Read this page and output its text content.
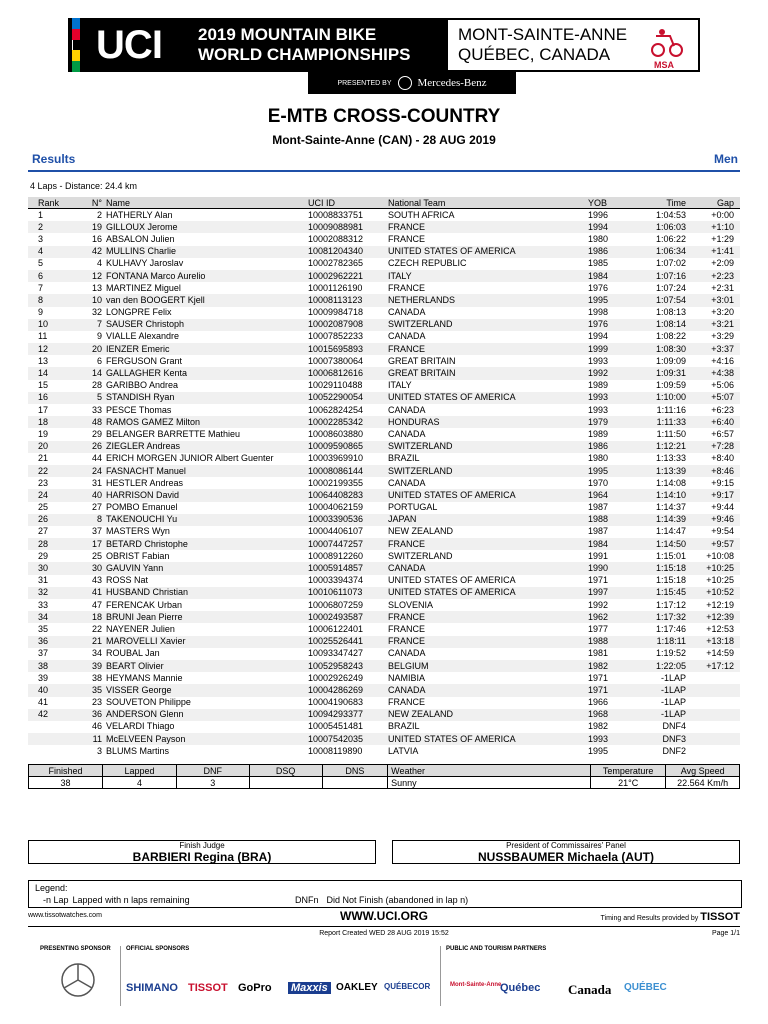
UCI 2019 MOUNTAIN BIKE
WORLD CHAMPIONSHIPS
MONT-SAINTE-ANNE
QUÉBEC, CANADA
MSA
PRESENTED BY Mercedes-Benz
E-MTB CROSS-COUNTRY
Mont-Sainte-Anne (CAN) - 28 AUG 2019
Results	Men
4 Laps - Distance: 24.4 km
Rank	N°	Name	UCI ID	National Team	YOB	Time	Gap
1	2	HATHERLY Alan	10008833751	SOUTH AFRICA	1996	1:04:53	+0:00
2	19	GILLOUX Jerome	10009088981	FRANCE	1994	1:06:03	+1:10
3	16	ABSALON Julien	10002088312	FRANCE	1980	1:06:22	+1:29
4	42	MULLINS Charlie	10081204340	UNITED STATES OF AMERICA	1986	1:06:34	+1:41
5	4	KULHAVY Jaroslav	10002782365	CZECH REPUBLIC	1985	1:07:02	+2:09
6	12	FONTANA Marco Aurelio	10002962221	ITALY	1984	1:07:16	+2:23
7	13	MARTINEZ Miguel	10001126190	FRANCE	1976	1:07:24	+2:31
8	10	van den BOOGERT Kjell	10008113123	NETHERLANDS	1995	1:07:54	+3:01
9	32	LONGPRE Felix	10009984718	CANADA	1998	1:08:13	+3:20
10	7	SAUSER Christoph	10002087908	SWITZERLAND	1976	1:08:14	+3:21
11	9	VIALLE Alexandre	10007852233	CANADA	1994	1:08:22	+3:29
12	20	IENZER Emeric	10015695893	FRANCE	1999	1:08:30	+3:37
13	6	FERGUSON Grant	10007380064	GREAT BRITAIN	1993	1:09:09	+4:16
14	14	GALLAGHER Kenta	10006812616	GREAT BRITAIN	1992	1:09:31	+4:38
15	28	GARIBBO Andrea	10029110488	ITALY	1989	1:09:59	+5:06
16	5	STANDISH Ryan	10052290054	UNITED STATES OF AMERICA	1993	1:10:00	+5:07
17	33	PESCE Thomas	10062824254	CANADA	1993	1:11:16	+6:23
18	48	RAMOS GAMEZ Milton	10002285342	HONDURAS	1979	1:11:33	+6:40
19	29	BELANGER BARRETTE Mathieu	10008603880	CANADA	1989	1:11:50	+6:57
20	26	ZIEGLER Andreas	10009590865	SWITZERLAND	1986	1:12:21	+7:28
21	44	ERICH MORGEN JUNIOR Albert Guenter	10003969910	BRAZIL	1980	1:13:33	+8:40
22	24	FASNACHT Manuel	10008086144	SWITZERLAND	1995	1:13:39	+8:46
23	31	HESTLER Andreas	10002199355	CANADA	1970	1:14:08	+9:15
24	40	HARRISON David	10064408283	UNITED STATES OF AMERICA	1964	1:14:10	+9:17
25	27	POMBO Emanuel	10004062159	PORTUGAL	1987	1:14:37	+9:44
26	8	TAKENOUCHI Yu	10003390536	JAPAN	1988	1:14:39	+9:46
27	37	MASTERS Wyn	10004406107	NEW ZEALAND	1987	1:14:47	+9:54
28	17	BETARD Christophe	10007447257	FRANCE	1984	1:14:50	+9:57
29	25	OBRIST Fabian	10008912260	SWITZERLAND	1991	1:15:01	+10:08
30	30	GAUVIN Yann	10005914857	CANADA	1990	1:15:18	+10:25
31	43	ROSS Nat	10003394374	UNITED STATES OF AMERICA	1971	1:15:18	+10:25
32	41	HUSBAND Christian	10010611073	UNITED STATES OF AMERICA	1997	1:15:45	+10:52
33	47	FERENCAK Urban	10006807259	SLOVENIA	1992	1:17:12	+12:19
34	18	BRUNI Jean Pierre	10002493587	FRANCE	1962	1:17:32	+12:39
35	22	NAYENER Julien	10006122401	FRANCE	1977	1:17:46	+12:53
36	21	MAROVELLI Xavier	10025526441	FRANCE	1988	1:18:11	+13:18
37	34	ROUBAL Jan	10093347427	CANADA	1981	1:19:52	+14:59
38	39	BEART Olivier	10052958243	BELGIUM	1982	1:22:05	+17:12
39	38	HEYMANS Mannie	10002926249	NAMIBIA	1971	-1LAP	
40	35	VISSER George	10004286269	CANADA	1971	-1LAP	
41	23	SOUVETON Philippe	10004190683	FRANCE	1966	-1LAP	
42	36	ANDERSON Glenn	10094293377	NEW ZEALAND	1968	-1LAP	
	46	VELARDI Thiago	10005451481	BRAZIL	1982	DNF4	
	11	McELVEEN Payson	10007542035	UNITED STATES OF AMERICA	1993	DNF3	
	3	BLUMS Martins	10008119890	LATVIA	1995	DNF2	
Finished	Lapped	DNF	DSQ	DNS	Weather	Temperature	Avg Speed
38	4	3			Sunny	21°C	22.564 Km/h
Finish Judge
BARBIERI Regina (BRA)
President of Commissaires' Panel
NUSSBAUMER Michaela (AUT)
Legend:
-n Lap Lapped with n laps remaining	DNFn Did Not Finish (abandoned in lap n)
www.tissotwatches.com	WWW.UCI.ORG	Timing and Results provided by TISSOT
Report Created WED 28 AUG 2019 15:52	Page 1/1
PRESENTING SPONSOR	OFFICIAL SPONSORS	PUBLIC AND TOURISM PARTNERS
SHIMANO TISSOT GoPro Maxxis OAKLEY QUÉBECOR	Mont-Sainte-Anne
Québec Canada QUÉBEC
